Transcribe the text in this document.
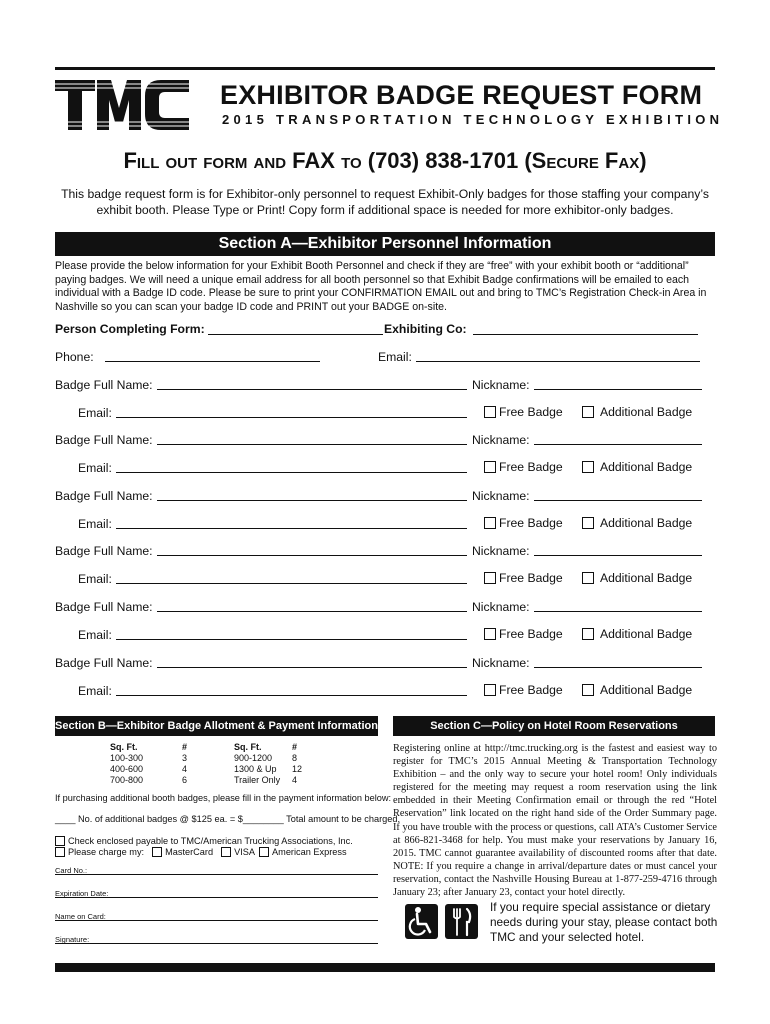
EXHIBITOR BADGE REQUEST FORM
2015 TRANSPORTATION TECHNOLOGY EXHIBITION
Fill out form and FAX to (703) 838-1701 (Secure Fax)
This badge request form is for Exhibitor-only personnel to request Exhibit-Only badges for those staffing your company’s exhibit booth. Please Type or Print! Copy form if additional space is needed for more exhibitor-only badges.
Section A—Exhibitor Personnel Information
Please provide the below information for your Exhibit Booth Personnel and check if they are “free” with your exhibit booth or “additional” paying badges. We will need a unique email address for all booth personnel so that Exhibit Badge confirmations will be emailed to each individual with a Badge ID code. Please be sure to print your CONFIRMATION EMAIL out and bring to TMC’s Registration Check-in Area in Nashville so you can scan your badge ID code and PRINT out your BADGE on-site.
Person Completing Form:	Exhibiting Co:
Phone:	Email:
Badge Full Name:	Nickname:
Email:	Free Badge	Additional Badge
Badge Full Name:	Nickname:
Email:	Free Badge	Additional Badge
Badge Full Name:	Nickname:
Email:	Free Badge	Additional Badge
Badge Full Name:	Nickname:
Email:	Free Badge	Additional Badge
Badge Full Name:	Nickname:
Email:	Free Badge	Additional Badge
Badge Full Name:	Nickname:
Email:	Free Badge	Additional Badge
Section B—Exhibitor Badge Allotment & Payment Information
Sq. Ft.	#	Sq. Ft.	#
100-300	3	900-1200	8
400-600	4	1300 & Up	12
700-800	6	Trailer Only	4
If purchasing additional booth badges, please fill in the payment information below:
____ No. of additional badges @ $125 ea. = $________ Total amount to be charged.
Check enclosed payable to TMC/American Trucking Associations, Inc.
Please charge my: MasterCard VISA American Express
Card No.:
Expiration Date:
Name on Card:
Signature:
Section C—Policy on Hotel Room Reservations
Registering online at http://tmc.trucking.org is the fastest and easiest way to register for TMC’s 2015 Annual Meeting & Transportation Technology Exhibition – and the only way to secure your hotel room! Only individuals registered for the meeting may request a room reservation using the link embedded in their Meeting Confirmation email or through the red “Hotel Reservation” link located on the right hand side of the Order Summary page. If you have trouble with the process or questions, call ATA’s Customer Service at 866-821-3468 for help. You must make your reservations by January 16, 2015. TMC cannot guarantee availability of discounted rooms after that date. NOTE: If you require a change in arrival/departure dates or must cancel your reservation, contact the Nashville Housing Bureau at 1-877-259-4716 through January 23; after January 23, contact your hotel directly.
If you require special assistance or dietary needs during your stay, please contact both TMC and your selected hotel.
